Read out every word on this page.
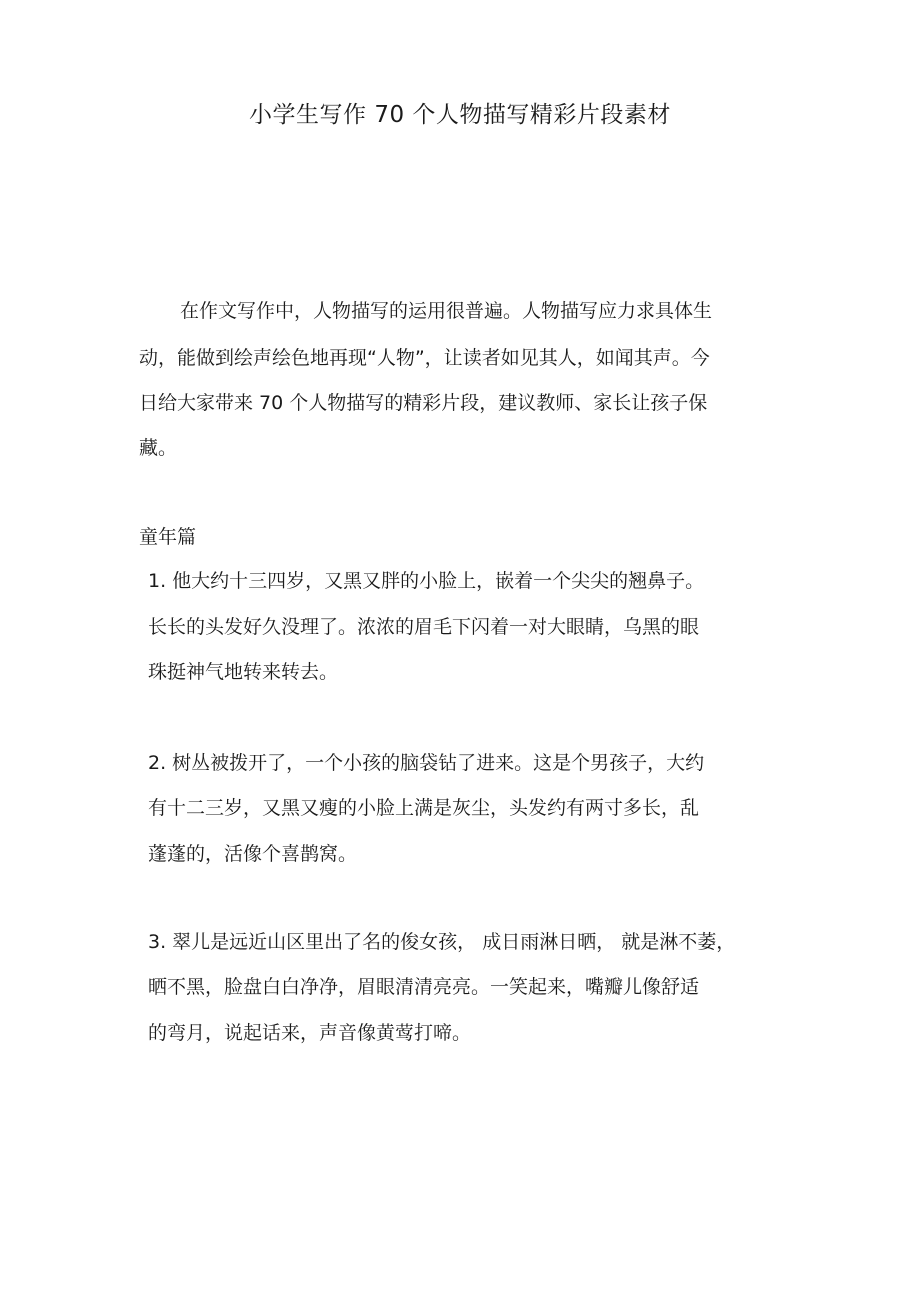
小学生写作 70 个人物描写精彩片段素材

在作文写作中，人物描写的运用很普遍。人物描写应力求具体生

动，能做到绘声绘色地再现“人物”，让读者如见其人，如闻其声。今

日给大家带来 70 个人物描写的精彩片段，建议教师、家长让孩子保

藏。

童年篇

1. 他大约十三四岁，又黑又胖的小脸上，嵌着一个尖尖的翘鼻子。

长长的头发好久没理了。浓浓的眉毛下闪着一对大眼睛，乌黑的眼

珠挺神气地转来转去。

2. 树丛被拨开了，一个小孩的脑袋钻了进来。这是个男孩子，大约

有十二三岁，又黑又瘦的小脸上满是灰尘，头发约有两寸多长，乱

蓬蓬的，活像个喜鹊窝。

3. 翠儿是远近山区里出了名的俊女孩， 成日雨淋日晒， 就是淋不萎，

晒不黑，脸盘白白净净，眉眼清清亮亮。一笑起来，嘴瓣儿像舒适

的弯月，说起话来，声音像黄莺打啼。
